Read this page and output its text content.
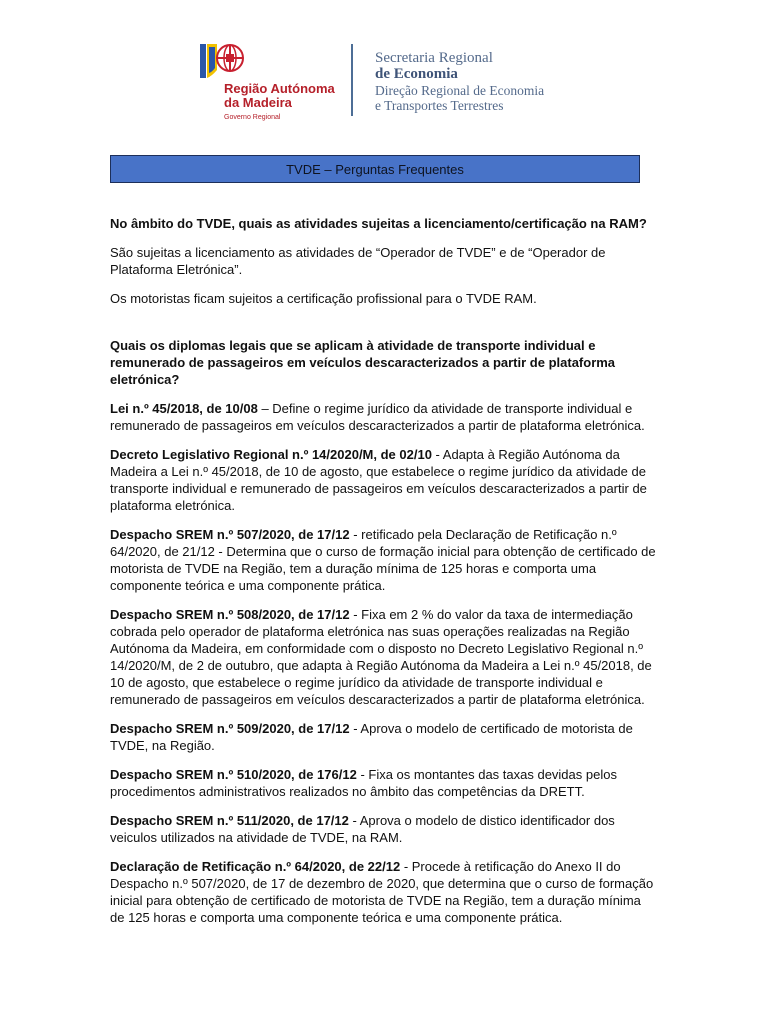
Região Autónoma
da Madeira
Governo Regional
Secretaria Regional
de Economia
Direção Regional de Economia
e Transportes Terrestres
TVDE – Perguntas Frequentes

No âmbito do TVDE, quais as atividades sujeitas a licenciamento/certificação na RAM?

São sujeitas a licenciamento as atividades de “Operador de TVDE” e de “Operador de Plataforma Eletrónica”.

Os motoristas ficam sujeitos a certificação profissional para o TVDE RAM.

Quais os diplomas legais que se aplicam à atividade de transporte individual e remunerado de passageiros em veículos descaracterizados a partir de plataforma eletrónica?

Lei n.º 45/2018, de 10/08 – Define o regime jurídico da atividade de transporte individual e remunerado de passageiros em veículos descaracterizados a partir de plataforma eletrónica.

Decreto Legislativo Regional n.º 14/2020/M, de 02/10 - Adapta à Região Autónoma da Madeira a Lei n.º 45/2018, de 10 de agosto, que estabelece o regime jurídico da atividade de transporte individual e remunerado de passageiros em veículos descaracterizados a partir de plataforma eletrónica.

Despacho SREM n.º 507/2020, de 17/12 - retificado pela Declaração de Retificação n.º 64/2020, de 21/12 - Determina que o curso de formação inicial para obtenção de certificado de motorista de TVDE na Região, tem a duração mínima de 125 horas e comporta uma componente teórica e uma componente prática.

Despacho SREM n.º 508/2020, de 17/12 - Fixa em 2 % do valor da taxa de intermediação cobrada pelo operador de plataforma eletrónica nas suas operações realizadas na Região Autónoma da Madeira, em conformidade com o disposto no Decreto Legislativo Regional n.º 14/2020/M, de 2 de outubro, que adapta à Região Autónoma da Madeira a Lei n.º 45/2018, de 10 de agosto, que estabelece o regime jurídico da atividade de transporte individual e remunerado de passageiros em veículos descaracterizados a partir de plataforma eletrónica.

Despacho SREM n.º 509/2020, de 17/12 - Aprova o modelo de certificado de motorista de TVDE, na Região.

Despacho SREM n.º 510/2020, de 176/12 - Fixa os montantes das taxas devidas pelos procedimentos administrativos realizados no âmbito das competências da DRETT.

Despacho SREM n.º 511/2020, de 17/12 - Aprova o modelo de distico identificador dos veiculos utilizados na atividade de TVDE, na RAM.

Declaração de Retificação n.º 64/2020, de 22/12 - Procede à retificação do Anexo II do Despacho n.º 507/2020, de 17 de dezembro de 2020, que determina que o curso de formação inicial para obtenção de certificado de motorista de TVDE na Região, tem a duração mínima de 125 horas e comporta uma componente teórica e uma componente prática.
